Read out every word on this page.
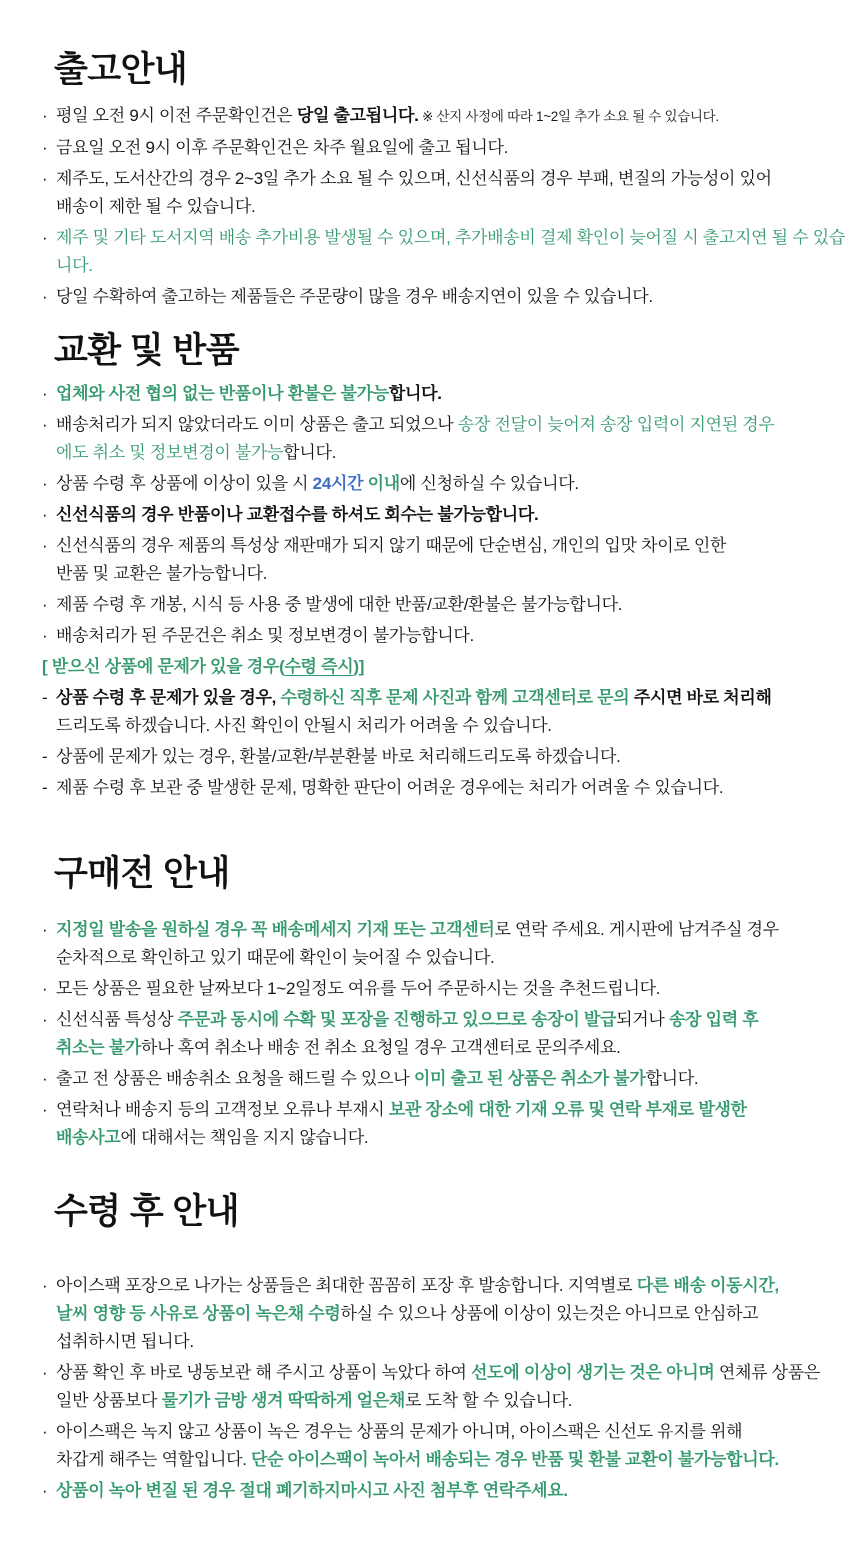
출고안내
· 평일 오전 9시 이전 주문확인건은 당일 출고됩니다. ※ 산지 사정에 따라 1~2일 추가 소요 될 수 있습니다.
· 금요일 오전 9시 이후 주문확인건은 차주 월요일에 출고 됩니다.
· 제주도, 도서산간의 경우 2~3일 추가 소요 될 수 있으며, 신선식품의 경우 부패, 변질의 가능성이 있어
배송이 제한 될 수 있습니다.
· 제주 및 기타 도서지역 배송 추가비용 발생될 수 있으며, 추가배송비 결제 확인이 늦어질 시 출고지연 될 수 있습니다.
· 당일 수확하여 출고하는 제품들은 주문량이 많을 경우 배송지연이 있을 수 있습니다.
교환 및 반품
· 업체와 사전 협의 없는 반품이나 환불은 불가능합니다.
· 배송처리가 되지 않았더라도 이미 상품은 출고 되었으나 송장 전달이 늦어져 송장 입력이 지연된 경우
에도 취소 및 정보변경이 불가능합니다.
· 상품 수령 후 상품에 이상이 있을 시 24시간 이내에 신청하실 수 있습니다.
· 신선식품의 경우 반품이나 교환접수를 하셔도 회수는 불가능합니다.
· 신선식품의 경우 제품의 특성상 재판매가 되지 않기 때문에 단순변심, 개인의 입맛 차이로 인한
반품 및 교환은 불가능합니다.
· 제품 수령 후 개봉, 시식 등 사용 중 발생에 대한 반품/교환/환불은 불가능합니다.
· 배송처리가 된 주문건은 취소 및 정보변경이 불가능합니다.
[ 받으신 상품에 문제가 있을 경우(수령 즉시)]
- 상품 수령 후 문제가 있을 경우, 수령하신 직후 문제 사진과 함께 고객센터로 문의 주시면 바로 처리해
드리도록 하겠습니다. 사진 확인이 안될시 처리가 어려울 수 있습니다.
- 상품에 문제가 있는 경우, 환불/교환/부분환불 바로 처리해드리도록 하겠습니다.
- 제품 수령 후 보관 중 발생한 문제, 명확한 판단이 어려운 경우에는 처리가 어려울 수 있습니다.
구매전 안내
· 지정일 발송을 원하실 경우 꼭 배송메세지 기재 또는 고객센터로 연락 주세요. 게시판에 남겨주실 경우
순차적으로 확인하고 있기 때문에 확인이 늦어질 수 있습니다.
· 모든 상품은 필요한 날짜보다 1~2일정도 여유를 두어 주문하시는 것을 추천드립니다.
· 신선식품 특성상 주문과 동시에 수확 및 포장을 진행하고 있으므로 송장이 발급되거나 송장 입력 후
취소는 불가하나 혹여 취소나 배송 전 취소 요청일 경우 고객센터로 문의주세요.
· 출고 전 상품은 배송취소 요청을 해드릴 수 있으나 이미 출고 된 상품은 취소가 불가합니다.
· 연락처나 배송지 등의 고객정보 오류나 부재시 보관 장소에 대한 기재 오류 및 연락 부재로 발생한
배송사고에 대해서는 책임을 지지 않습니다.
수령 후 안내
· 아이스팩 포장으로 나가는 상품들은 최대한 꼼꼼히 포장 후 발송합니다. 지역별로 다른 배송 이동시간,
날씨 영향 등 사유로 상품이 녹은채 수령하실 수 있으나 상품에 이상이 있는것은 아니므로 안심하고
섭취하시면 됩니다.
· 상품 확인 후 바로 냉동보관 해 주시고 상품이 녹았다 하여 선도에 이상이 생기는 것은 아니며 연체류 상품은
일반 상품보다 물기가 금방 생겨 딱딱하게 얼은채로 도착 할 수 있습니다.
· 아이스팩은 녹지 않고 상품이 녹은 경우는 상품의 문제가 아니며, 아이스팩은 신선도 유지를 위해
차갑게 해주는 역할입니다. 단순 아이스팩이 녹아서 배송되는 경우 반품 및 환불 교환이 불가능합니다.
· 상품이 녹아 변질 된 경우 절대 폐기하지마시고 사진 첨부후 연락주세요.
